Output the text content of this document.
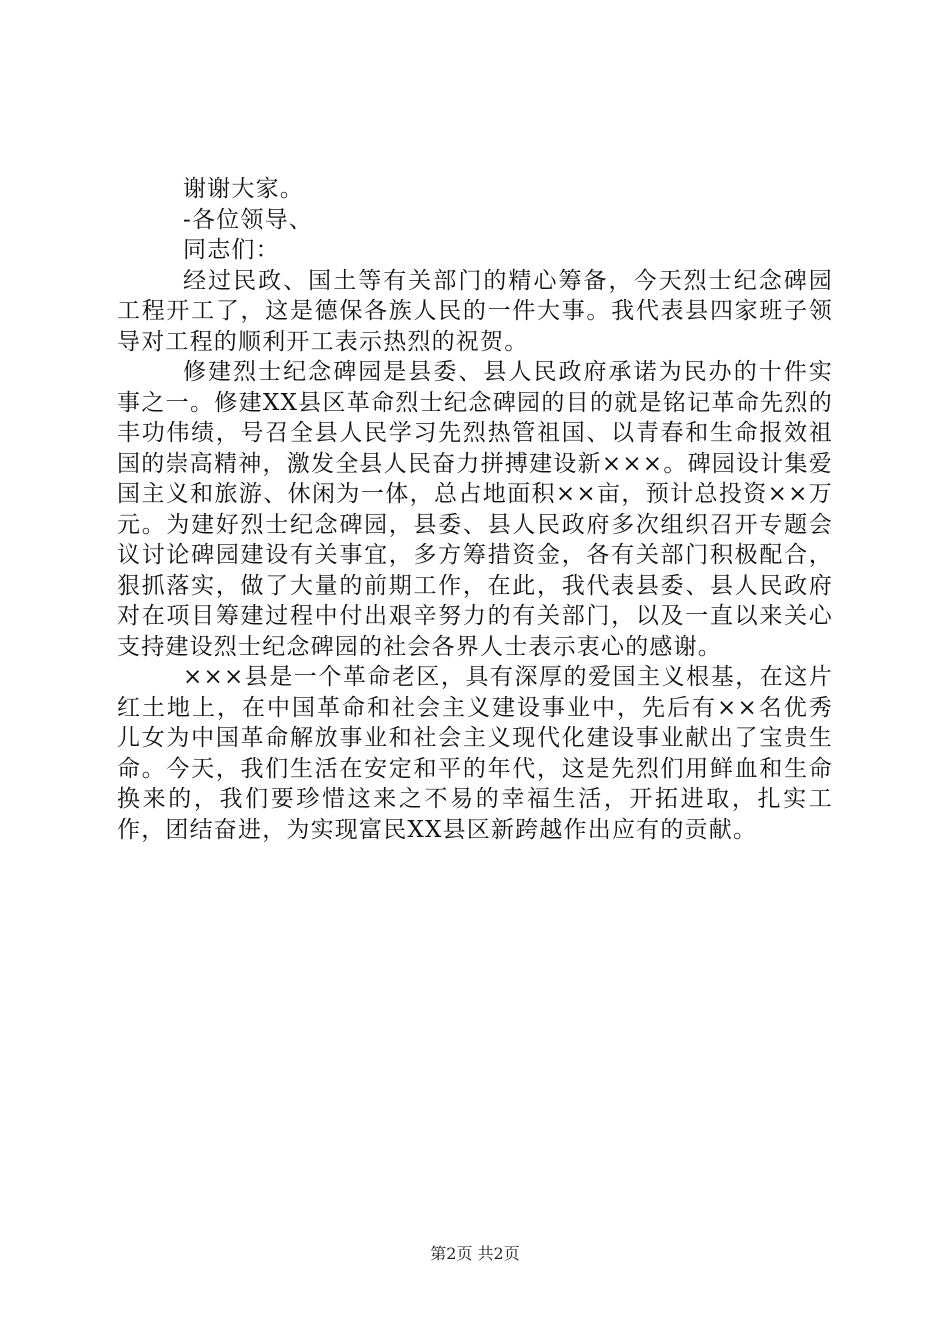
谢谢大家。

-各位领导、

同志们：

经过民政、国土等有关部门的精心筹备，今天烈士纪念碑园工程开工了，这是德保各族人民的一件大事。我代表县四家班子领导对工程的顺利开工表示热烈的祝贺。

修建烈士纪念碑园是县委、县人民政府承诺为民办的十件实事之一。修建XX县区革命烈士纪念碑园的目的就是铭记革命先烈的丰功伟绩，号召全县人民学习先烈热管祖国、以青春和生命报效祖国的崇高精神，激发全县人民奋力拼搏建设新×××。碑园设计集爱国主义和旅游、休闲为一体，总占地面积××亩，预计总投资××万元。为建好烈士纪念碑园，县委、县人民政府多次组织召开专题会议讨论碑园建设有关事宜，多方筹措资金，各有关部门积极配合，狠抓落实，做了大量的前期工作，在此，我代表县委、县人民政府对在项目筹建过程中付出艰辛努力的有关部门，以及一直以来关心支持建设烈士纪念碑园的社会各界人士表示衷心的感谢。

×××县是一个革命老区，具有深厚的爱国主义根基，在这片红土地上，在中国革命和社会主义建设事业中，先后有××名优秀儿女为中国革命解放事业和社会主义现代化建设事业献出了宝贵生命。今天，我们生活在安定和平的年代，这是先烈们用鲜血和生命换来的，我们要珍惜这来之不易的幸福生活，开拓进取，扎实工作，团结奋进，为实现富民XX县区新跨越作出应有的贡献。

第2页 共2页
